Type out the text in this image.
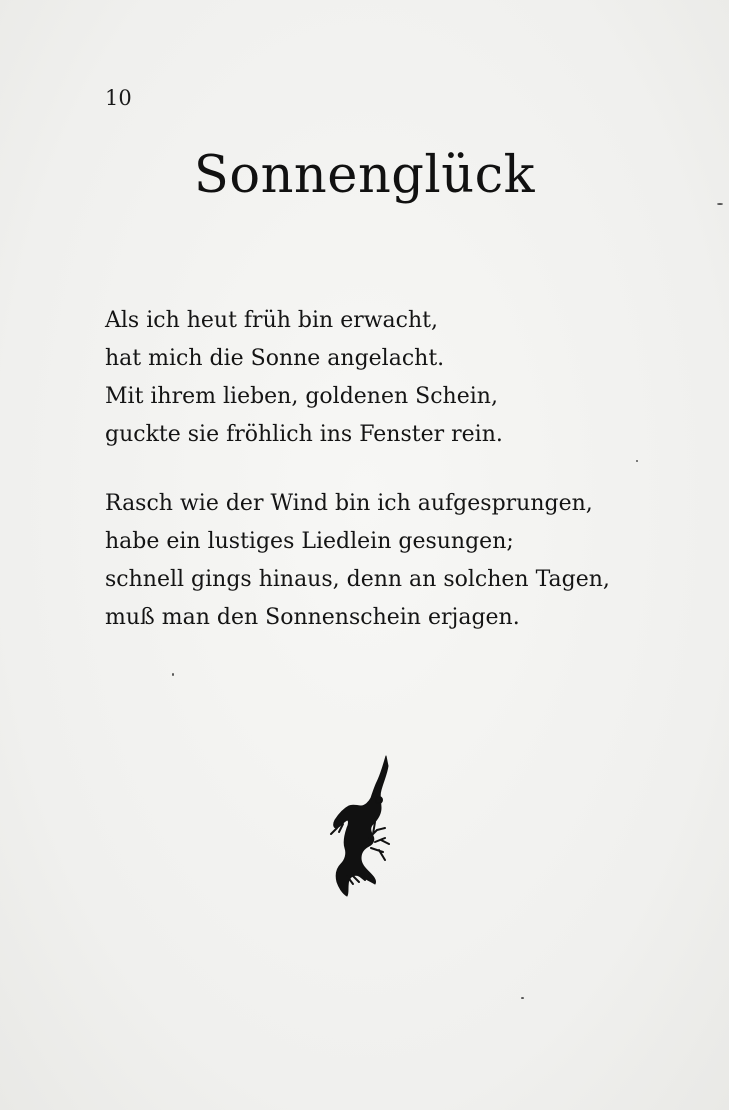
10
Sonnenglück
Als ich heut früh bin erwacht,
hat mich die Sonne angelacht.
Mit ihrem lieben, goldenen Schein,
guckte sie fröhlich ins Fenster rein.
Rasch wie der Wind bin ich aufgesprungen,
habe ein lustiges Liedlein gesungen;
schnell gings hinaus, denn an solchen Tagen,
muß man den Sonnenschein erjagen.
